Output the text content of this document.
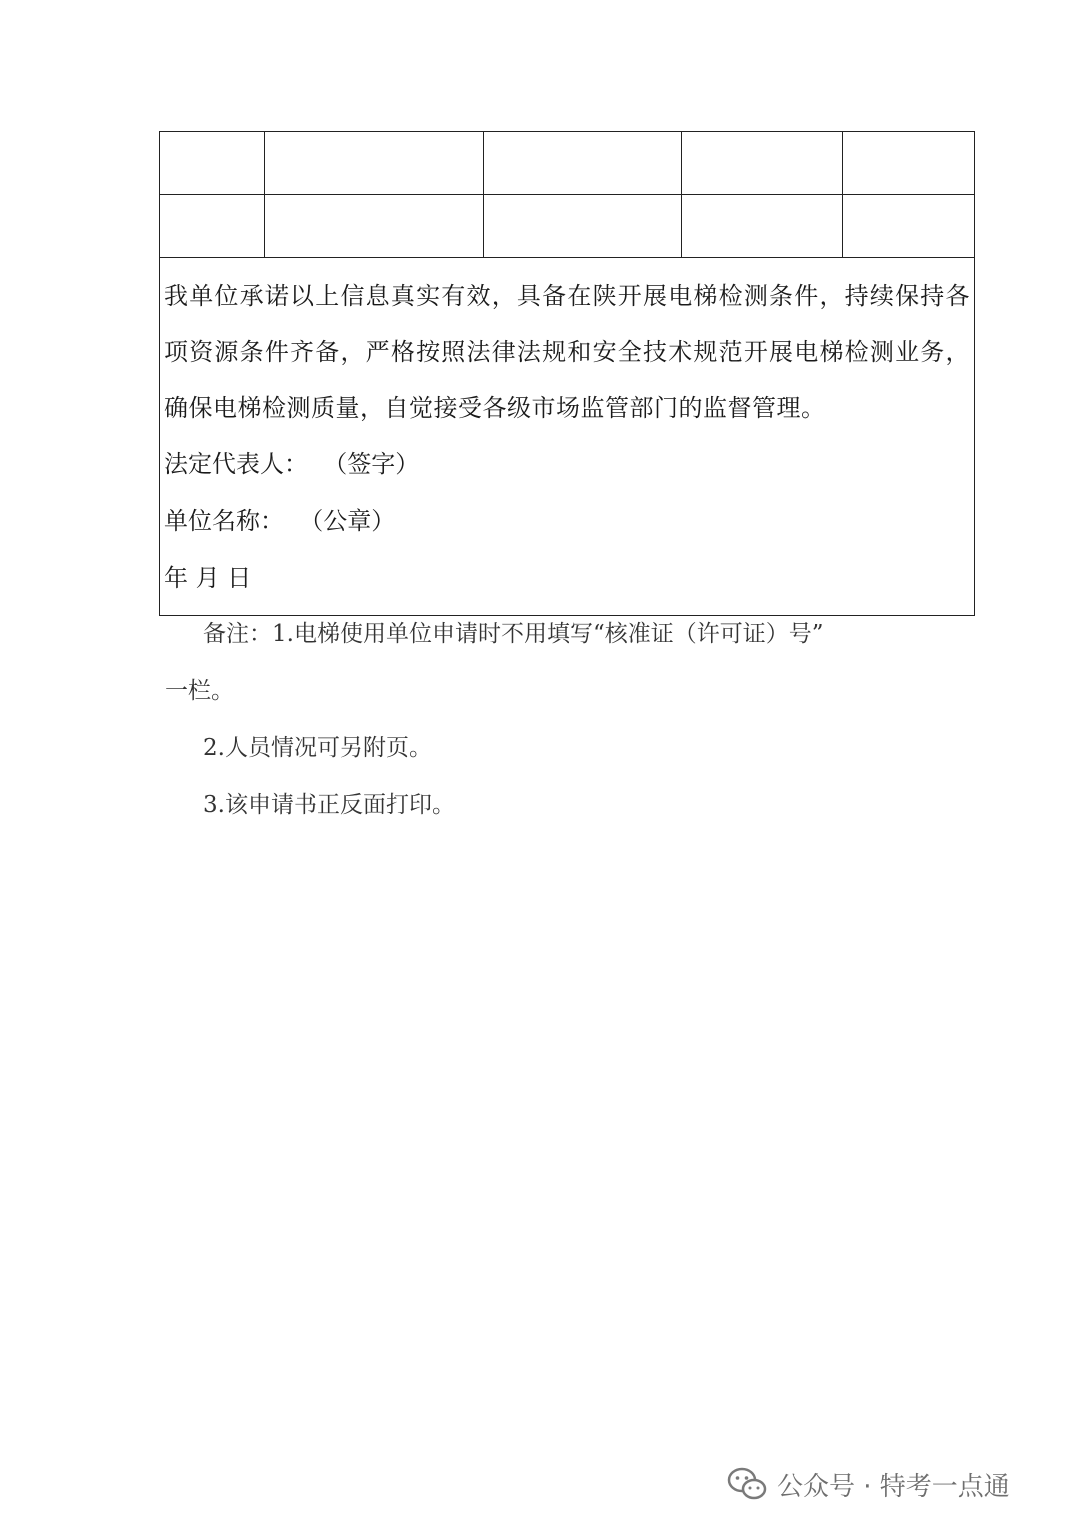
我单位承诺以上信息真实有效，具备在陕开展电梯检测条件，持续保持各项资源条件齐备，严格按照法律法规和安全技术规范开展电梯检测业务，确保电梯检测质量，自觉接受各级市场监管部门的监督管理。

法定代表人：  （签字）

单位名称：  （公章）

年 月 日				

备注：1.电梯使用单位申请时不用填写“核准证（许可证）号”

一栏。

2.人员情况可另附页。

3.该申请书正反面打印。

公众号 · 特考一点通
